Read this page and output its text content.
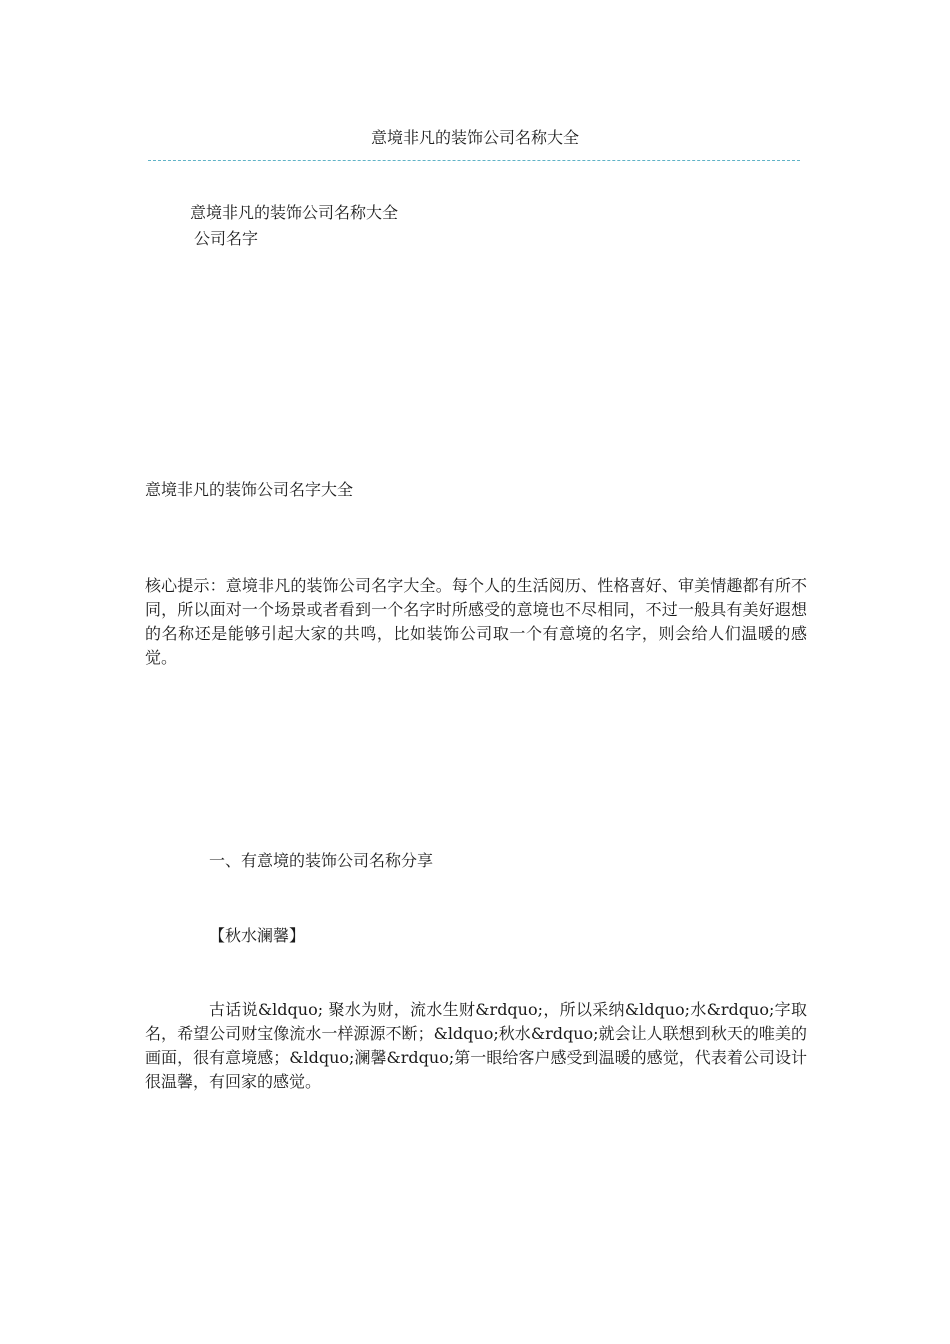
意境非凡的装饰公司名称大全
意境非凡的装饰公司名称大全
公司名字
意境非凡的装饰公司名字大全
核心提示：意境非凡的装饰公司名字大全。每个人的生活阅历、性格喜好、审美情趣都有所不同，所以面对一个场景或者看到一个名字时所感受的意境也不尽相同，不过一般具有美好遐想的名称还是能够引起大家的共鸣，比如装饰公司取一个有意境的名字，则会给人们温暖的感觉。
一、有意境的装饰公司名称分享
【秋水澜馨】
古话说&ldquo; 聚水为财，流水生财&rdquo;，所以采纳&ldquo;水&rdquo;字取名，希望公司财宝像流水一样源源不断；&ldquo;秋水&rdquo;就会让人联想到秋天的唯美的画面，很有意境感；&ldquo;澜馨&rdquo;第一眼给客户感受到温暖的感觉，代表着公司设计很温馨，有回家的感觉。
